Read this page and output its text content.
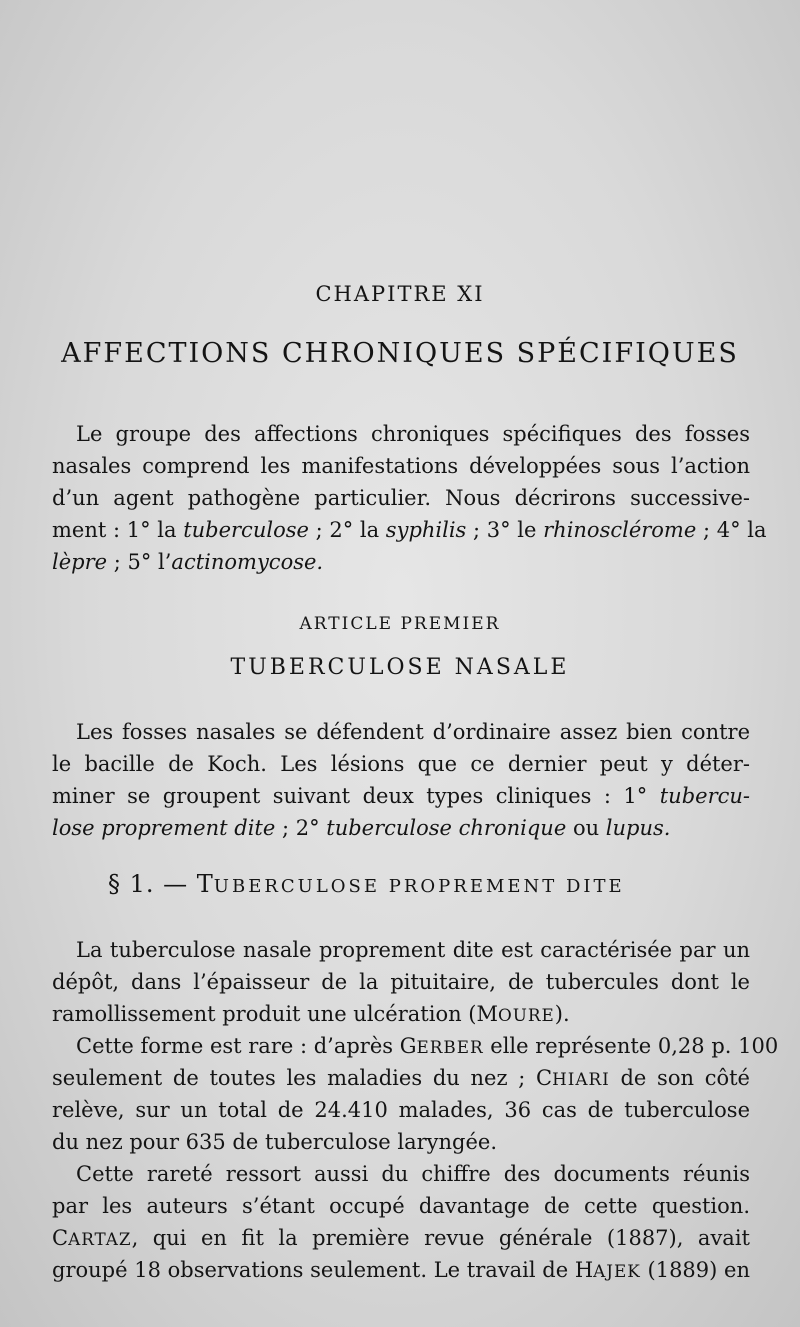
CHAPITRE XI
AFFECTIONS CHRONIQUES SPÉCIFIQUES
Le groupe des affections chroniques spécifiques des fosses
nasales comprend les manifestations développées sous l’action
d’un agent pathogène particulier. Nous décrirons successive-
ment : 1° la tuberculose ; 2° la syphilis ; 3° le rhinosclérome ; 4° la
lèpre ; 5° l’actinomycose.
ARTICLE PREMIER
TUBERCULOSE NASALE
Les fosses nasales se défendent d’ordinaire assez bien contre
le bacille de Koch. Les lésions que ce dernier peut y déter-
miner se groupent suivant deux types cliniques : 1° tubercu-
lose proprement dite ; 2° tuberculose chronique ou lupus.
§ 1. — TUBERCULOSE PROPREMENT DITE
La tuberculose nasale proprement dite est caractérisée par un
dépôt, dans l’épaisseur de la pituitaire, de tubercules dont le
ramollissement produit une ulcération (MOURE).
Cette forme est rare : d’après GERBER elle représente 0,28 p. 100
seulement de toutes les maladies du nez ; CHIARI de son côté
relève, sur un total de 24.410 malades, 36 cas de tuberculose
du nez pour 635 de tuberculose laryngée.
Cette rareté ressort aussi du chiffre des documents réunis
par les auteurs s’étant occupé davantage de cette question.
CARTAZ, qui en fit la première revue générale (1887), avait
groupé 18 observations seulement. Le travail de HAJEK (1889) en
